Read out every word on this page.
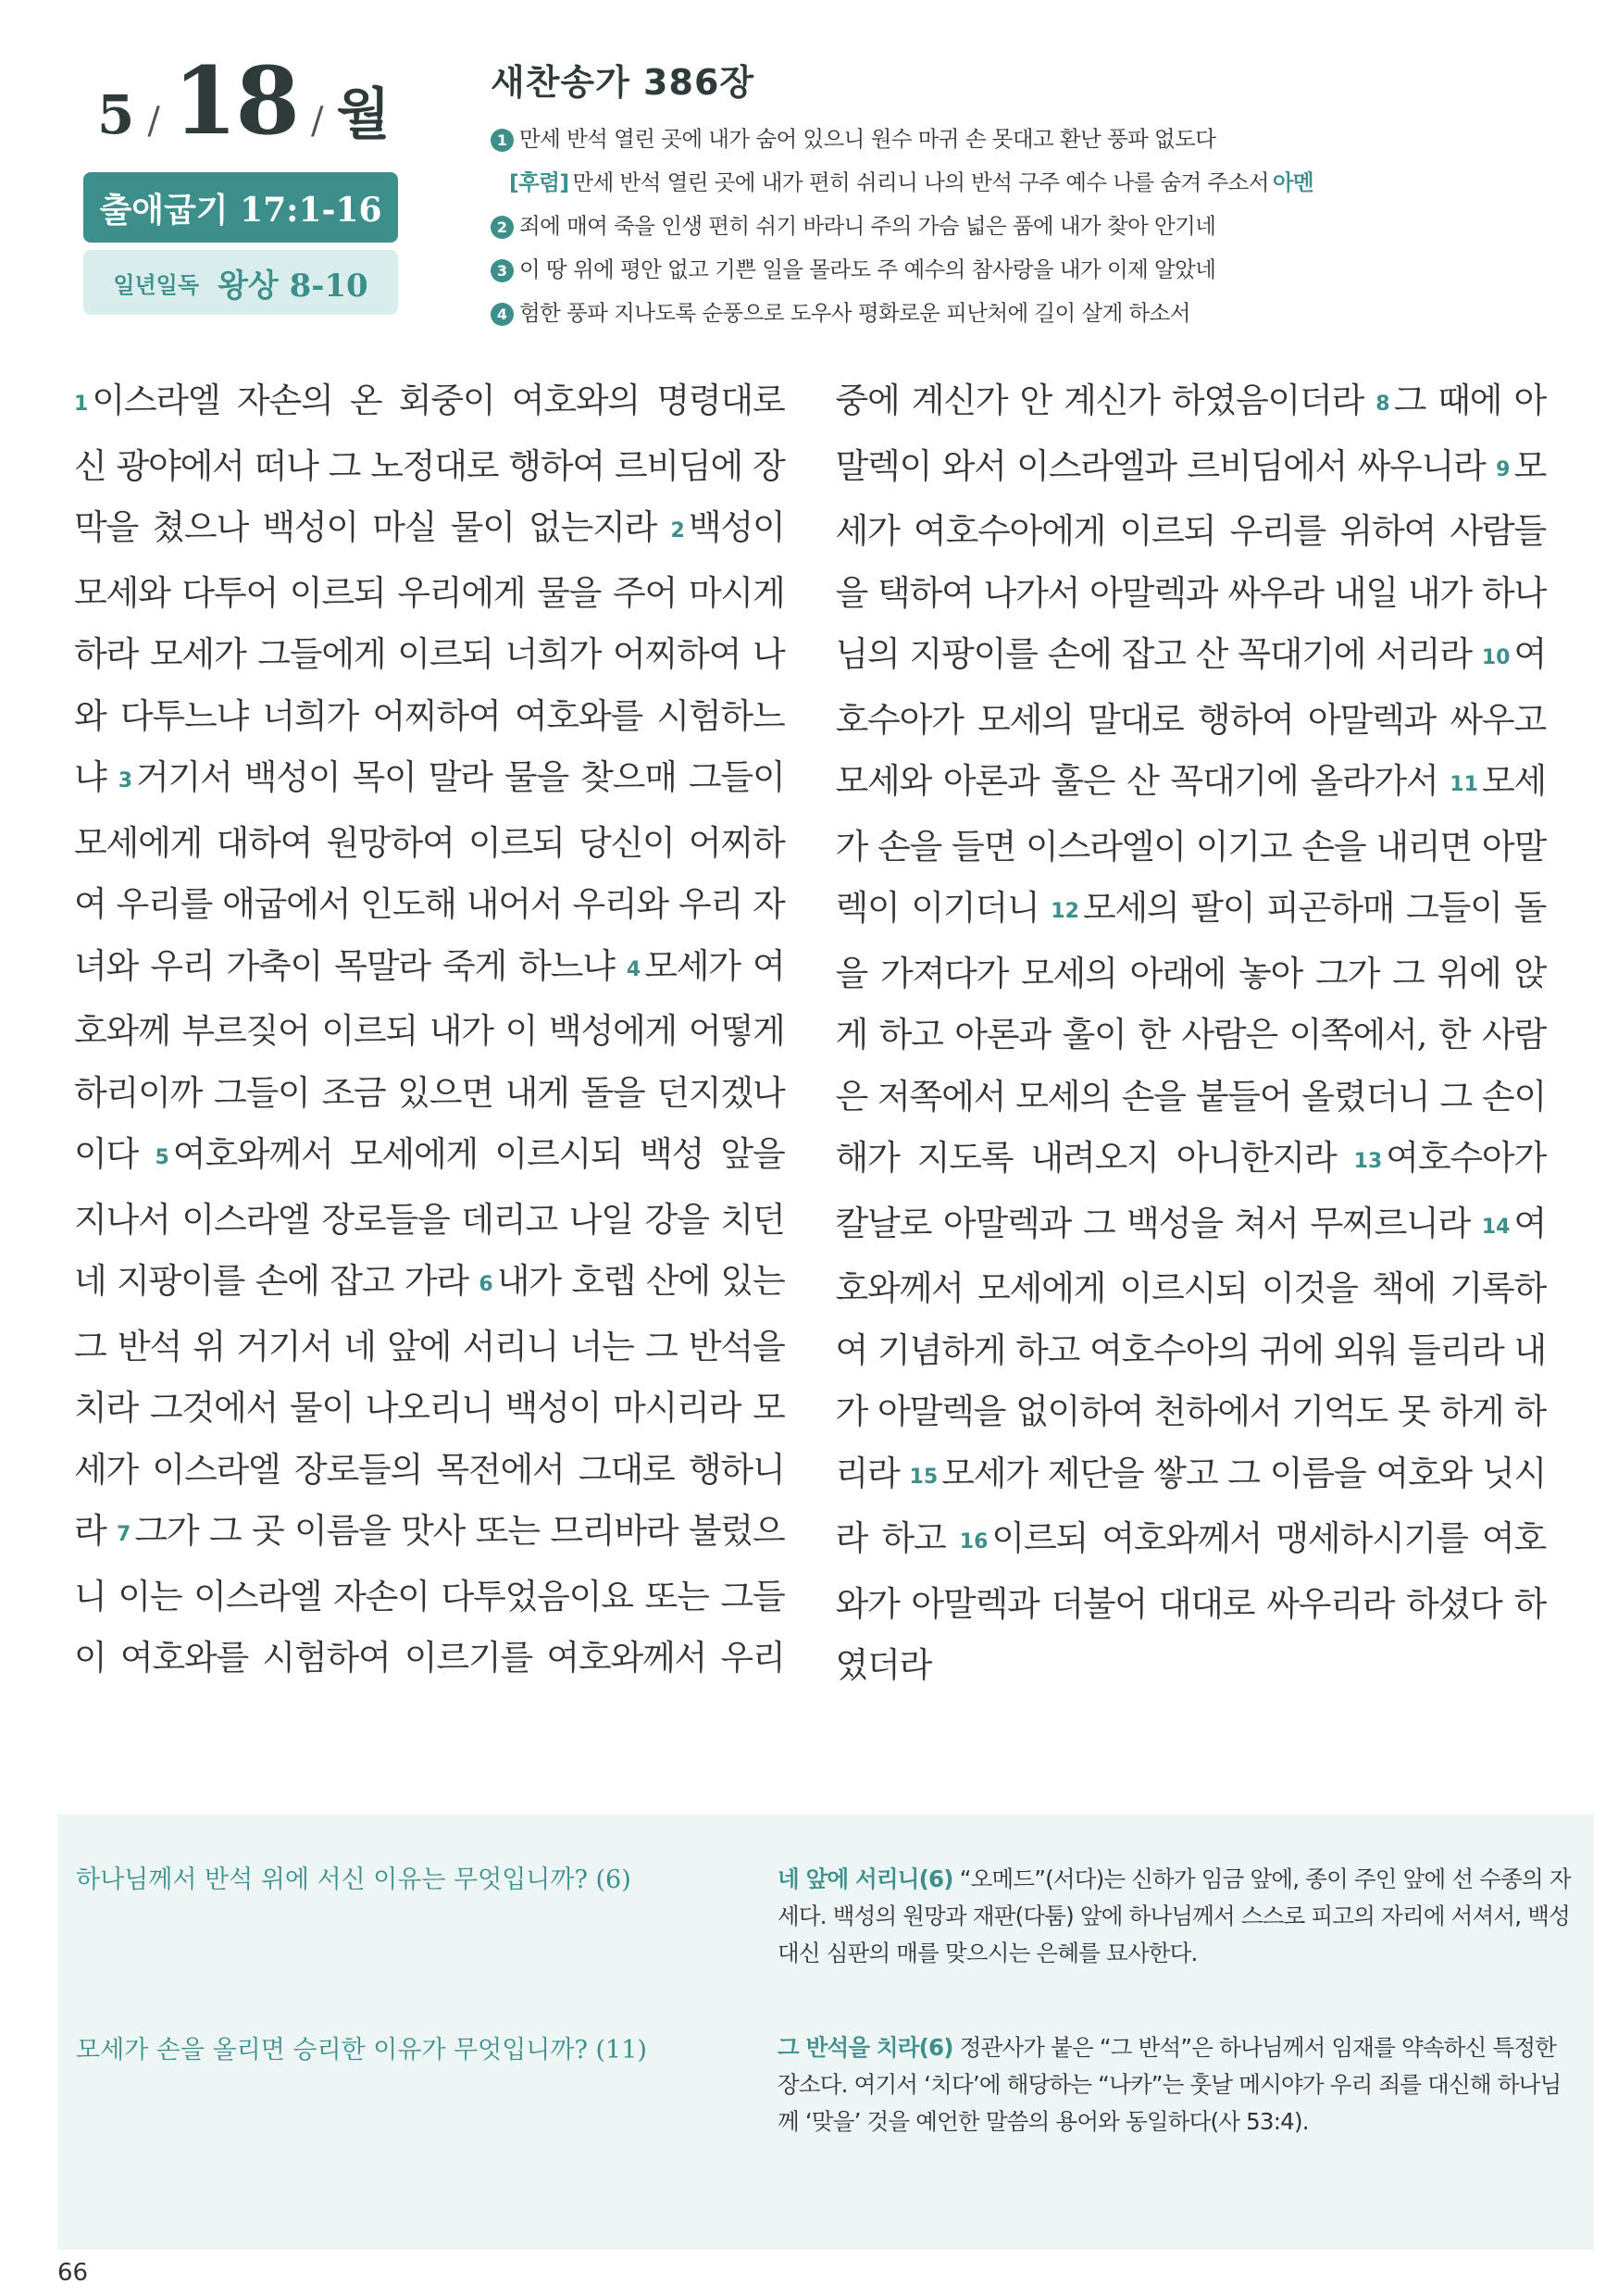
5 / 18 / 월
출애굽기 17:1-16
일년일독 왕상 8-10
새찬송가 386장
1 만세 반석 열린 곳에 내가 숨어 있으니 원수 마귀 손 못대고 환난 풍파 없도다
[후렴] 만세 반석 열린 곳에 내가 편히 쉬리니 나의 반석 구주 예수 나를 숨겨 주소서 아멘
2 죄에 매여 죽을 인생 편히 쉬기 바라니 주의 가슴 넓은 품에 내가 찾아 안기네
3 이 땅 위에 평안 없고 기쁜 일을 몰라도 주 예수의 참사랑을 내가 이제 알았네
4 험한 풍파 지나도록 순풍으로 도우사 평화로운 피난처에 길이 살게 하소서

1 이스라엘 자손의 온 회중이 여호와의 명령대로 신 광야에서 떠나 그 노정대로 행하여 르비딤에 장막을 쳤으나 백성이 마실 물이 없는지라 2 백성이 모세와 다투어 이르되 우리에게 물을 주어 마시게 하라 모세가 그들에게 이르되 너희가 어찌하여 나와 다투느냐 너희가 어찌하여 여호와를 시험하느냐 3 거기서 백성이 목이 말라 물을 찾으매 그들이 모세에게 대하여 원망하여 이르되 당신이 어찌하여 우리를 애굽에서 인도해 내어서 우리와 우리 자녀와 우리 가축이 목말라 죽게 하느냐 4 모세가 여호와께 부르짖어 이르되 내가 이 백성에게 어떻게 하리이까 그들이 조금 있으면 내게 돌을 던지겠나이다 5 여호와께서 모세에게 이르시되 백성 앞을 지나서 이스라엘 장로들을 데리고 나일 강을 치던 네 지팡이를 손에 잡고 가라 6 내가 호렙 산에 있는 그 반석 위 거기서 네 앞에 서리니 너는 그 반석을 치라 그것에서 물이 나오리니 백성이 마시리라 모세가 이스라엘 장로들의 목전에서 그대로 행하니라 7 그가 그 곳 이름을 맛사 또는 므리바라 불렀으니 이는 이스라엘 자손이 다투었음이요 또는 그들이 여호와를 시험하여 이르기를 여호와께서 우리 중에 계신가 안 계신가 하였음이더라 8 그 때에 아말렉이 와서 이스라엘과 르비딤에서 싸우니라 9 모세가 여호수아에게 이르되 우리를 위하여 사람들을 택하여 나가서 아말렉과 싸우라 내일 내가 하나님의 지팡이를 손에 잡고 산 꼭대기에 서리라 10 여호수아가 모세의 말대로 행하여 아말렉과 싸우고 모세와 아론과 훌은 산 꼭대기에 올라가서 11 모세가 손을 들면 이스라엘이 이기고 손을 내리면 아말렉이 이기더니 12 모세의 팔이 피곤하매 그들이 돌을 가져다가 모세의 아래에 놓아 그가 그 위에 앉게 하고 아론과 훌이 한 사람은 이쪽에서, 한 사람은 저쪽에서 모세의 손을 붙들어 올렸더니 그 손이 해가 지도록 내려오지 아니한지라 13 여호수아가 칼날로 아말렉과 그 백성을 쳐서 무찌르니라 14 여호와께서 모세에게 이르시되 이것을 책에 기록하여 기념하게 하고 여호수아의 귀에 외워 들리라 내가 아말렉을 없이하여 천하에서 기억도 못 하게 하리라 15 모세가 제단을 쌓고 그 이름을 여호와 닛시라 하고 16 이르되 여호와께서 맹세하시기를 여호와가 아말렉과 더불어 대대로 싸우리라 하셨다 하였더라

하나님께서 반석 위에 서신 이유는 무엇입니까? (6)
모세가 손을 올리면 승리한 이유가 무엇입니까? (11)
네 앞에 서리니(6) “오메드”(서다)는 신하가 임금 앞에, 종이 주인 앞에 선 수종의 자세다. 백성의 원망과 재판(다툼) 앞에 하나님께서 스스로 피고의 자리에 서셔서, 백성 대신 심판의 매를 맞으시는 은혜를 묘사한다.
그 반석을 치라(6) 정관사가 붙은 “그 반석”은 하나님께서 임재를 약속하신 특정한 장소다. 여기서 ‘치다’에 해당하는 “나카”는 훗날 메시야가 우리 죄를 대신해 하나님께 ‘맞을’ 것을 예언한 말씀의 용어와 동일하다(사 53:4).
66
